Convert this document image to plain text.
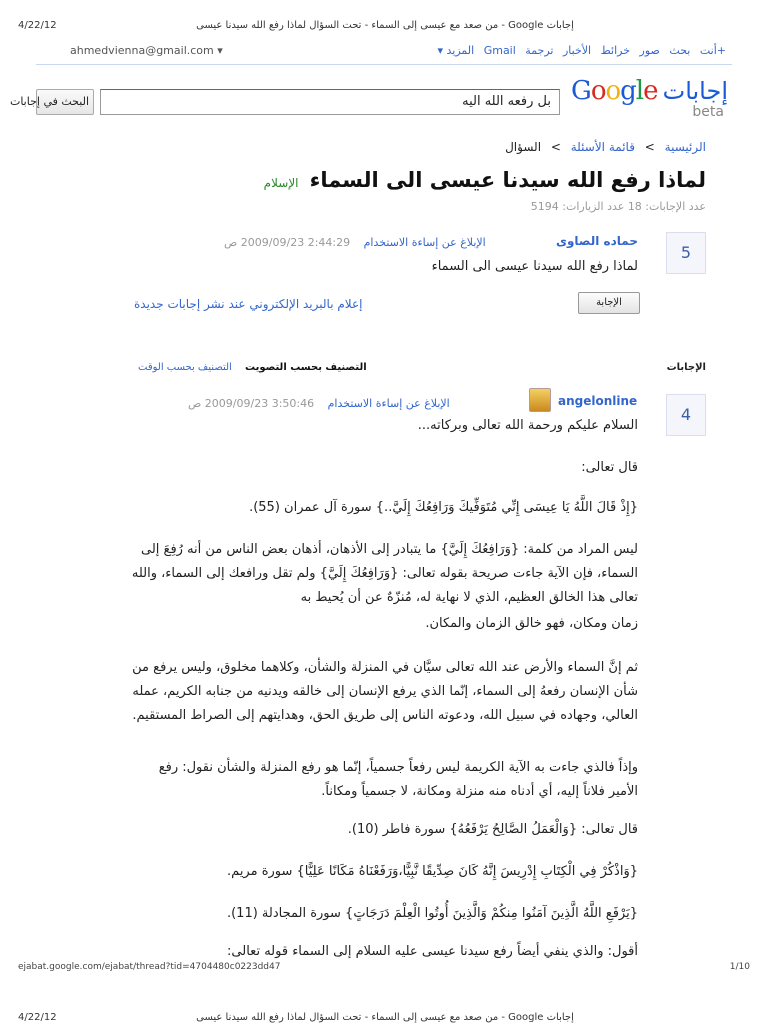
4/22/12	إجابات Google - من صعد مع عيسى إلى السماء - تحت السؤال لماذا رفع الله سيدنا عيسى
+أنت بحث صور خرائط الأخبار ترجمة Gmail المزيد ▾
ahmedvienna@gmail.com ▾
Google إجابات
beta
بل رفعه الله اليه
البحث في إجابات
الرئيسية > قائمة الأسئلة > السؤال
لماذا رفع الله سيدنا عيسى الى السماء الإسلام
عدد الإجابات: 18 عدد الزيارات: 5194
5
حماده الصاوى
الإبلاغ عن إساءة الاستخدام 2:44:29 2009/09/23 ص
لماذا رفع الله سيدنا عيسى الى السماء
الإجابة
إعلام بالبريد الإلكتروني عند نشر إجابات جديدة
الإجابات
التصنيف بحسب التصويت التصنيف بحسب الوقت
4
angelonline
الإبلاغ عن إساءة الاستخدام 3:50:46 2009/09/23 ص
السلام عليكم ورحمة الله تعالى وبركاته...
قال تعالى:
{إِذْ قَالَ اللَّهُ يَا عِيسَى إِنِّي مُتَوَفِّيكَ وَرَافِعُكَ إِلَيَّ..} سورة آل عمران (55).
ليس المراد من كلمة: {وَرَافِعُكَ إِلَيَّ} ما يتبادر إلى الأذهان، أذهان بعض الناس من أنه رُفِعَ إلى السماء، فإن الآية جاءت صريحة بقوله تعالى: {وَرَافِعُكَ إِلَيَّ} ولم تقل ورافعك إلى السماء، والله تعالى هذا الخالق العظيم، الذي لا نهاية له، مُنزّهٌ عن أن يُحيط به
زمان ومكان، فهو خالق الزمان والمكان.
ثم إنَّ السماء والأرض عند الله تعالى سيَّان في المنزلة والشأن، وكلاهما مخلوق، وليس يرفع من شأن الإنسان رفعهُ إلى السماء، إنّما الذي يرفع الإنسان إلى خالقه ويدنيه من جنابه الكريم، عمله العالي، وجهاده في سبيل الله، ودعوته الناس إلى طريق الحق، وهدايتهم إلى الصراط المستقيم.
وإذاً فالذي جاءت به الآية الكريمة ليس رفعاً جسمياً، إنّما هو رفع المنزلة والشأن نقول: رفع الأمير فلاناً إليه، أي أدناه منه منزلة ومكانة، لا جسمياً ومكاناً.
قال تعالى: {وَالْعَمَلُ الصَّالِحُ يَرْفَعُهُ} سورة فاطر (10).
{وَاذْكُرْ فِي الْكِتَابِ إِدْرِيسَ إِنَّهُ كَانَ صِدِّيقًا نَّبِيًّا،وَرَفَعْنَاهُ مَكَانًا عَلِيًّا} سورة مريم.
{يَرْفَعِ اللَّهُ الَّذِينَ آمَنُوا مِنكُمْ وَالَّذِينَ أُوتُوا الْعِلْمَ دَرَجَاتٍ} سورة المجادلة (11).
أقول: والذي ينفي أيضاً رفع سيدنا عيسى عليه السلام إلى السماء قوله تعالى:
ejabat.google.com/ejabat/thread?tid=4704480c0223dd47	1/10
4/22/12	إجابات Google - من صعد مع عيسى إلى السماء - تحت السؤال لماذا رفع الله سيدنا عيسى
